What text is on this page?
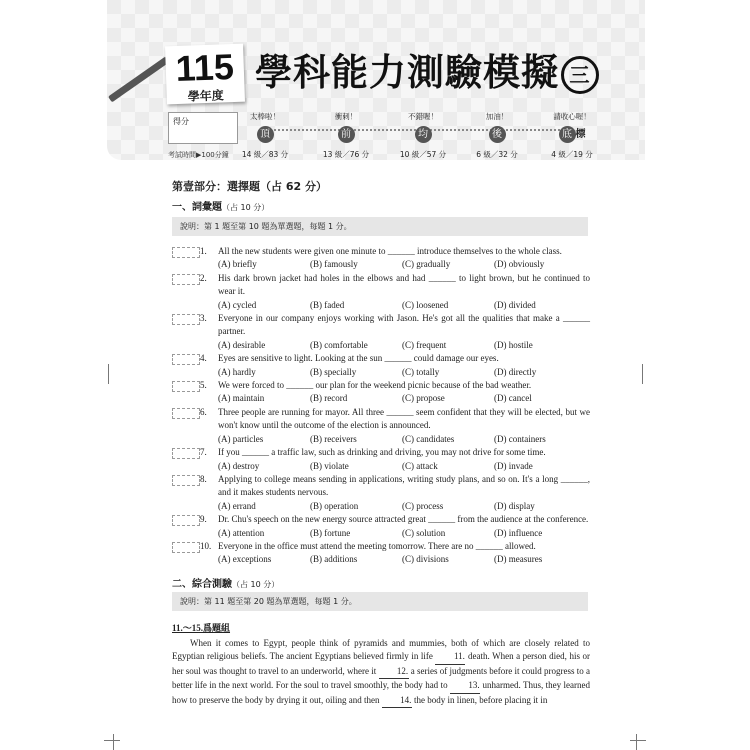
115
學年度
學科能力測驗模擬 三
得分
考試時間▶100分鐘
太棒啦！
頂
14 級／83 分
衝刺！
前
13 級／76 分
不錯喔！
均
10 級／57 分
加油！
後
6 級／32 分
請收心喔！
底 標
4 級／19 分
第壹部分：選擇題（占 62 分）
一、詞彙題（占 10 分）
說明：第 1 題至第 10 題為單選題，每題 1 分。
1. All the new students were given one minute to ______ introduce themselves to the whole class.
(A) briefly	(B) famously	(C) gradually	(D) obviously
2. His dark brown jacket had holes in the elbows and had ______ to light brown, but he continued to wear it.
(A) cycled	(B) faded	(C) loosened	(D) divided
3. Everyone in our company enjoys working with Jason. He's got all the qualities that make a ______ partner.
(A) desirable	(B) comfortable	(C) frequent	(D) hostile
4. Eyes are sensitive to light. Looking at the sun ______ could damage our eyes.
(A) hardly	(B) specially	(C) totally	(D) directly
5. We were forced to ______ our plan for the weekend picnic because of the bad weather.
(A) maintain	(B) record	(C) propose	(D) cancel
6. Three people are running for mayor. All three ______ seem confident that they will be elected, but we won't know until the outcome of the election is announced.
(A) particles	(B) receivers	(C) candidates	(D) containers
7. If you ______ a traffic law, such as drinking and driving, you may not drive for some time.
(A) destroy	(B) violate	(C) attack	(D) invade
8. Applying to college means sending in applications, writing study plans, and so on. It's a long ______, and it makes students nervous.
(A) errand	(B) operation	(C) process	(D) display
9. Dr. Chu's speech on the new energy source attracted great ______ from the audience at the conference.
(A) attention	(B) fortune	(C) solution	(D) influence
10. Everyone in the office must attend the meeting tomorrow. There are no ______ allowed.
(A) exceptions	(B) additions	(C) divisions	(D) measures
二、綜合測驗（占 10 分）
說明：第 11 題至第 20 題為單選題，每題 1 分。
11.～15.爲題組
When it comes to Egypt, people think of pyramids and mummies, both of which are closely related to Egyptian religious beliefs. The ancient Egyptians believed firmly in life 11. death. When a person died, his or her soul was thought to travel to an underworld, where it 12. a series of judgments before it could progress to a better life in the next world. For the soul to travel smoothly, the body had to 13. unharmed. Thus, they learned how to preserve the body by drying it out, oiling and then 14. the body in linen, before placing it in
